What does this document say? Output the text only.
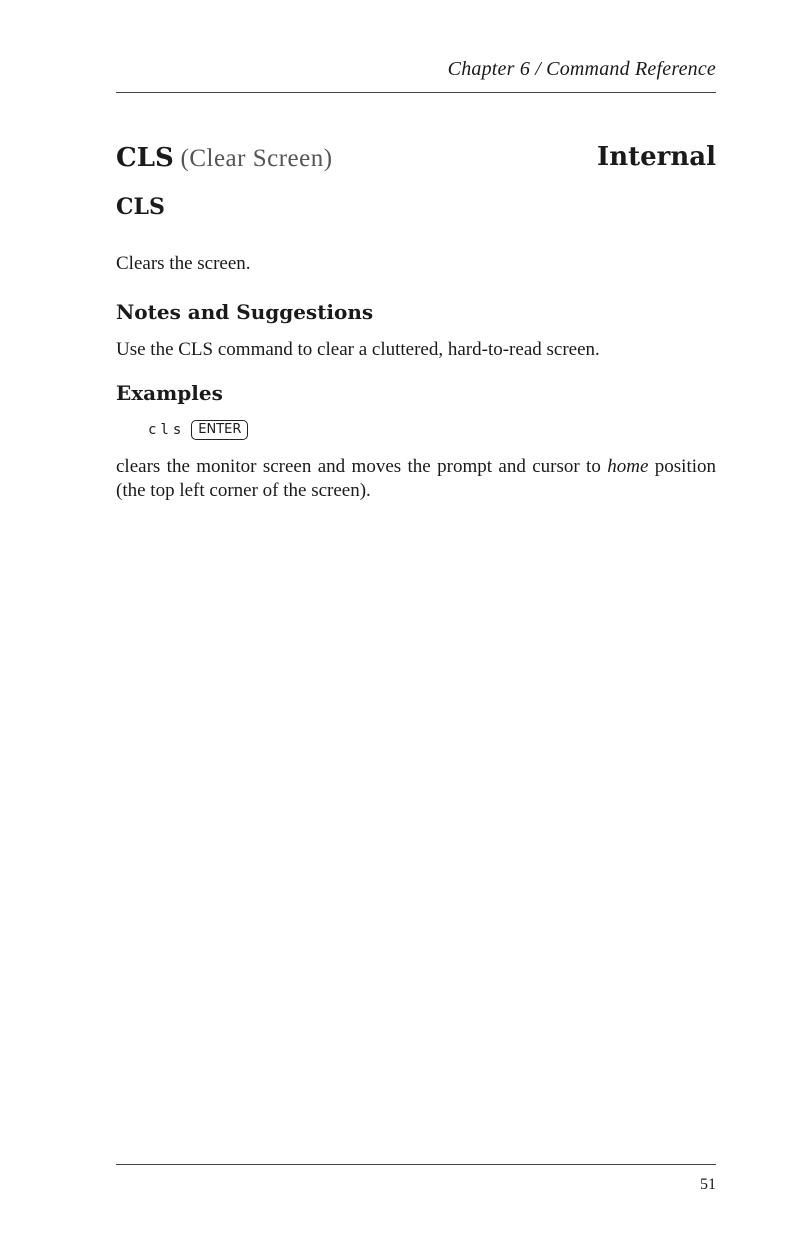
Chapter 6 / Command Reference
CLS (Clear Screen)	Internal
CLS
Clears the screen.
Notes and Suggestions
Use the CLS command to clear a cluttered, hard-to-read screen.
Examples
cls	ENTER
clears the monitor screen and moves the prompt and cursor to home position (the top left corner of the screen).
51
